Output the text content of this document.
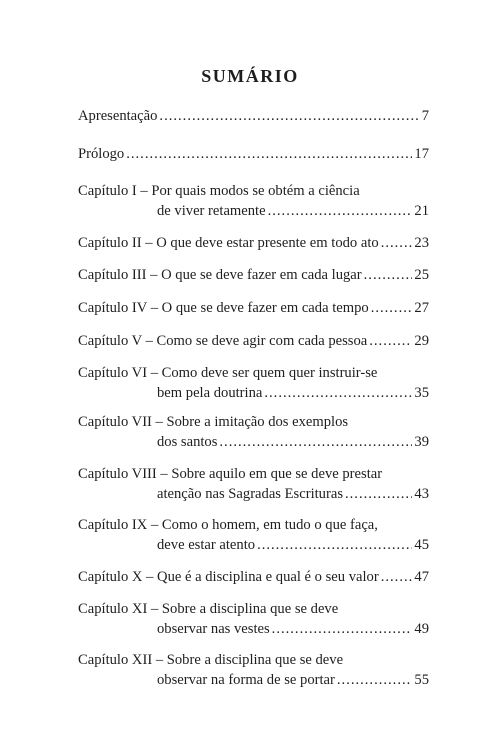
SUMÁRIO
Apresentação .....	7
Prólogo .....	17
Capítulo I – Por quais modos se obtém a ciência
de viver retamente .....	21
Capítulo II – O que deve estar presente em todo ato ..... 23
Capítulo III – O que se deve fazer em cada lugar .....	25
Capítulo IV – O que se deve fazer em cada tempo .....	27
Capítulo V – Como se deve agir com cada pessoa .....	29
Capítulo VI – Como deve ser quem quer instruir-se
bem pela doutrina .....	35
Capítulo VII – Sobre a imitação dos exemplos
dos santos .....	39
Capítulo VIII – Sobre aquilo em que se deve prestar
atenção nas Sagradas Escrituras .....	43
Capítulo IX – Como o homem, em tudo o que faça,
deve estar atento .....	45
Capítulo X – Que é a disciplina e qual é o seu valor ..... 47
Capítulo XI – Sobre a disciplina que se deve
observar nas vestes .....	49
Capítulo XII – Sobre a disciplina que se deve
observar na forma de se portar .....	55
